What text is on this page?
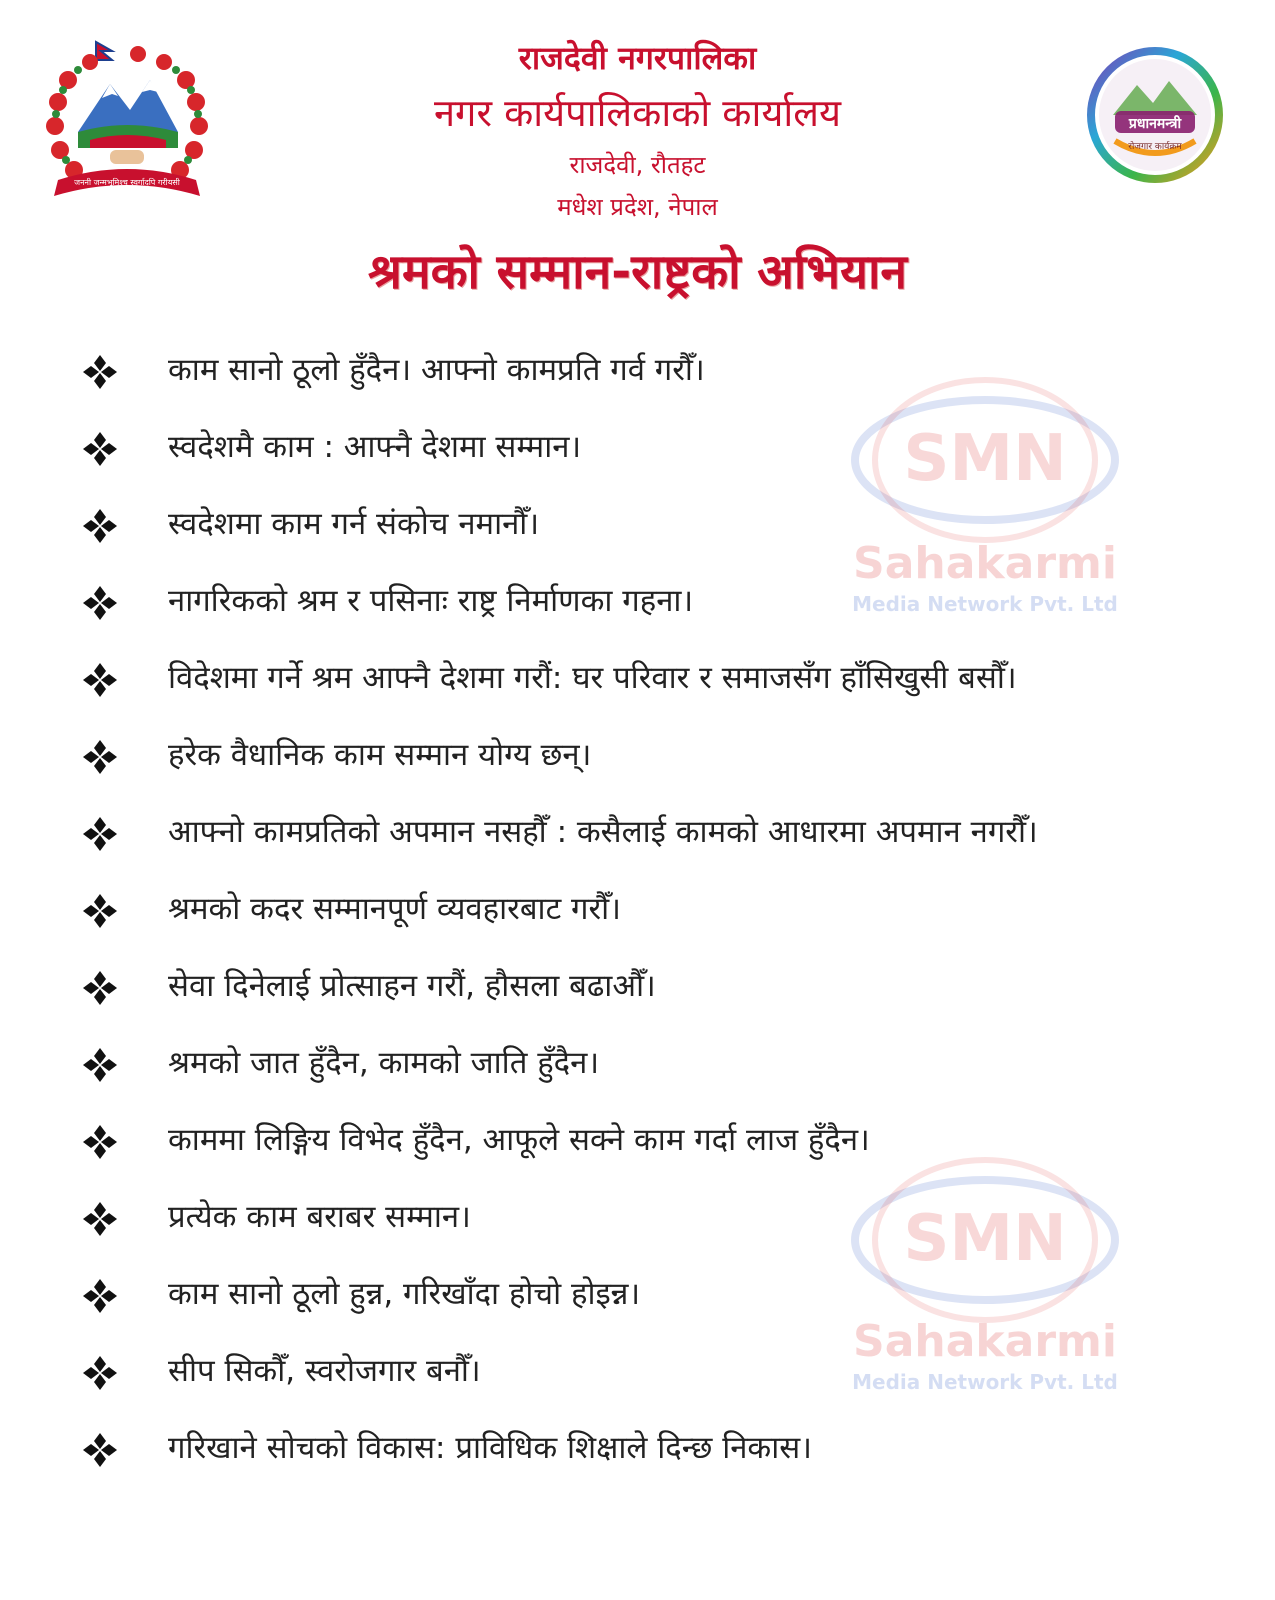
जननी जन्मभूमिश्च स्वर्गादपि गरीयसी
राजदेवी नगरपालिका
नगर कार्यपालिकाको कार्यालय
राजदेवी, रौतहट
मधेश प्रदेश, नेपाल
प्रधानमन्त्री
रोजगार कार्यक्रम
श्रमको सम्मान-राष्ट्रको अभियान
SMN
Sahakarmi
Media Network Pvt. Ltd
SMN
Sahakarmi
Media Network Pvt. Ltd
काम सानो ठूलो हुँदैन। आफ्नो कामप्रति गर्व गरौँ।
स्वदेशमै काम : आफ्नै देशमा सम्मान।
स्वदेशमा काम गर्न संकोच नमानौँ।
नागरिकको श्रम र पसिनाः राष्ट्र निर्माणका गहना।
विदेशमा गर्ने श्रम आफ्नै देशमा गरौं: घर परिवार र समाजसँग हाँसिखुसी बसौँ।
हरेक वैधानिक काम सम्मान योग्य छन्।
आफ्नो कामप्रतिको अपमान नसहौँ : कसैलाई कामको आधारमा अपमान नगरौँ।
श्रमको कदर सम्मानपूर्ण व्यवहारबाट गरौँ।
सेवा दिनेलाई प्रोत्साहन गरौं, हौसला बढाऔँ।
श्रमको जात हुँदैन, कामको जाति हुँदैन।
काममा लिङ्गिय विभेद हुँदैन, आफूले सक्ने काम गर्दा लाज हुँदैन।
प्रत्येक काम बराबर सम्मान।
काम सानो ठूलो हुन्न, गरिखाँदा होचो होइन्न।
सीप सिकौँ, स्वरोजगार बनौँ।
गरिखाने सोचको विकास: प्राविधिक शिक्षाले दिन्छ निकास।
